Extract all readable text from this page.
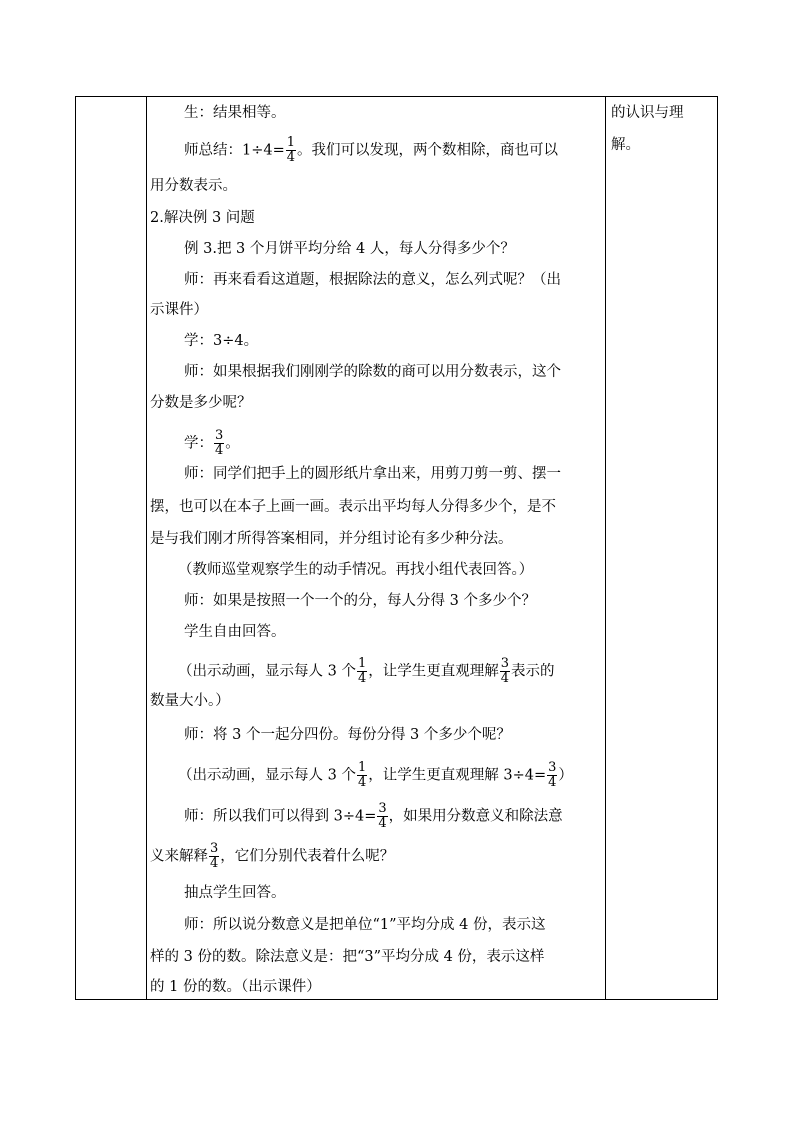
生：结果相等。
师总结：$1\div 4= \frac{1}{4}$ 。我们可以发现，两个数相除，商也可以
用分数表示。
2.解决例 3 问题
例 3.把 3 个月饼平均分给 4 人，每人分得多少个？
师：再来看看这道题，根据除法的意义，怎么列式呢？（出
示课件）
学：3÷4。
师：如果根据我们刚刚学的除数的商可以用分数表示，这个
分数是多少呢？
学： $\frac{3}{4}$ 。
师：同学们把手上的圆形纸片拿出来，用剪刀剪一剪、摆一
摆，也可以在本子上画一画。表示出平均每人分得多少个，是不
是与我们刚才所得答案相同，并分组讨论有多少种分法。
（教师巡堂观察学生的动手情况。再找小组代表回答。）
师：如果是按照一个一个的分，每人分得 3 个多少个？
学生自由回答。
（出示动画，显示每人 3 个 $\frac{1}{4}$ ，让学生更直观理解 $\frac{3}{4}$ 表示的
数量大小。）
师：将 3 个一起分四份。每份分得 3 个多少个呢？
（出示动画，显示每人 3 个 $\frac{1}{4}$ ，让学生更直观理解 $3\div 4= \frac{3}{4}$ ）
师：所以我们可以得到 $3\div 4= \frac{3}{4}$ ，如果用分数意义和除法意
义来解释 $\frac{3}{4}$ ，它们分别代表着什么呢？
抽点学生回答。
师：所以说分数意义是把单位“1”平均分成 4 份，表示这
样的 3 份的数。除法意义是：把“3”平均分成 4 份，表示这样
的 1 份的数。（出示课件）
的认识与理
解。
